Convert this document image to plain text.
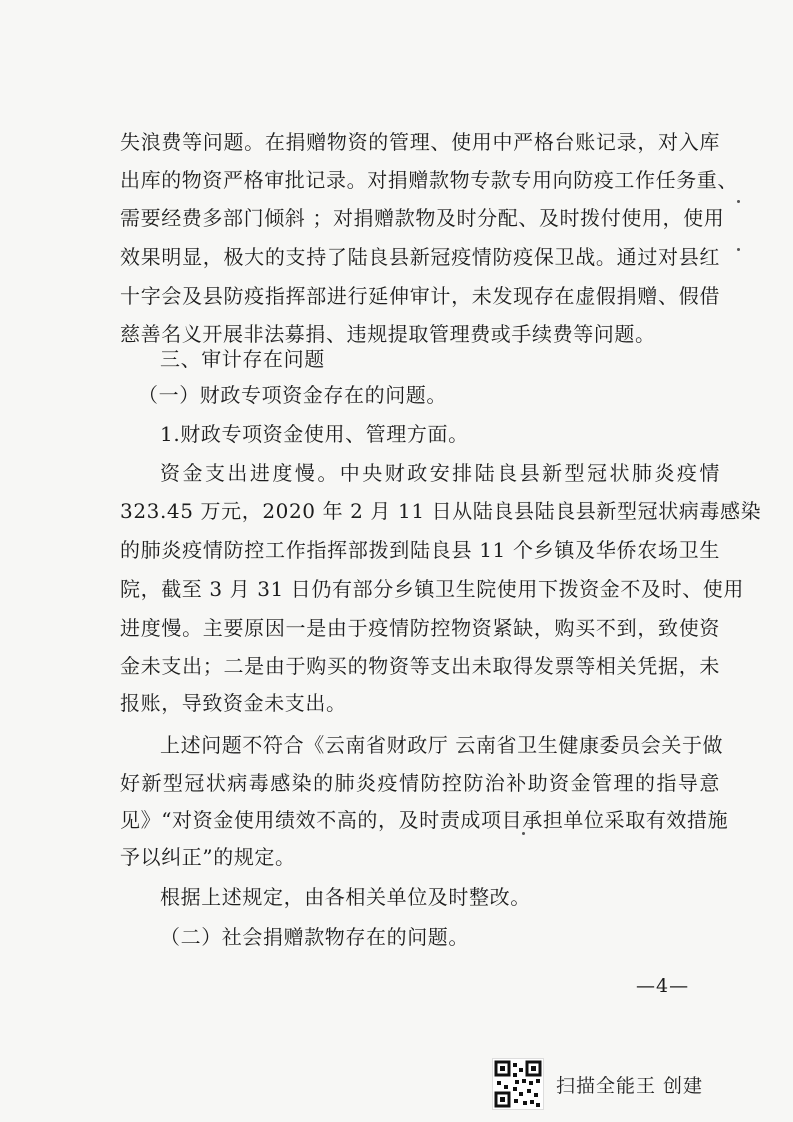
失浪费等问题。在捐赠物资的管理、使用中严格台账记录，对入库
出库的物资严格审批记录。对捐赠款物专款专用向防疫工作任务重、
需要经费多部门倾斜 ；对捐赠款物及时分配、及时拨付使用，使用
效果明显，极大的支持了陆良县新冠疫情防疫保卫战。通过对县红
十字会及县防疫指挥部进行延伸审计，未发现存在虚假捐赠、假借
慈善名义开展非法募捐、违规提取管理费或手续费等问题。
三、审计存在问题
（一）财政专项资金存在的问题。
1.财政专项资金使用、管理方面。
资金支出进度慢。中央财政安排陆良县新型冠状肺炎疫情
323.45 万元，2020 年 2 月 11 日从陆良县陆良县新型冠状病毒感染
的肺炎疫情防控工作指挥部拨到陆良县 11 个乡镇及华侨农场卫生
院，截至 3 月 31 日仍有部分乡镇卫生院使用下拨资金不及时、使用
进度慢。主要原因一是由于疫情防控物资紧缺，购买不到，致使资
金未支出；二是由于购买的物资等支出未取得发票等相关凭据，未
报账，导致资金未支出。
上述问题不符合《云南省财政厅 云南省卫生健康委员会关于做
好新型冠状病毒感染的肺炎疫情防控防治补助资金管理的指导意
见》“对资金使用绩效不高的，及时责成项目承担单位采取有效措施
予以纠正”的规定。
根据上述规定，由各相关单位及时整改。
（二）社会捐赠款物存在的问题。
—4—
扫描全能王 创建
